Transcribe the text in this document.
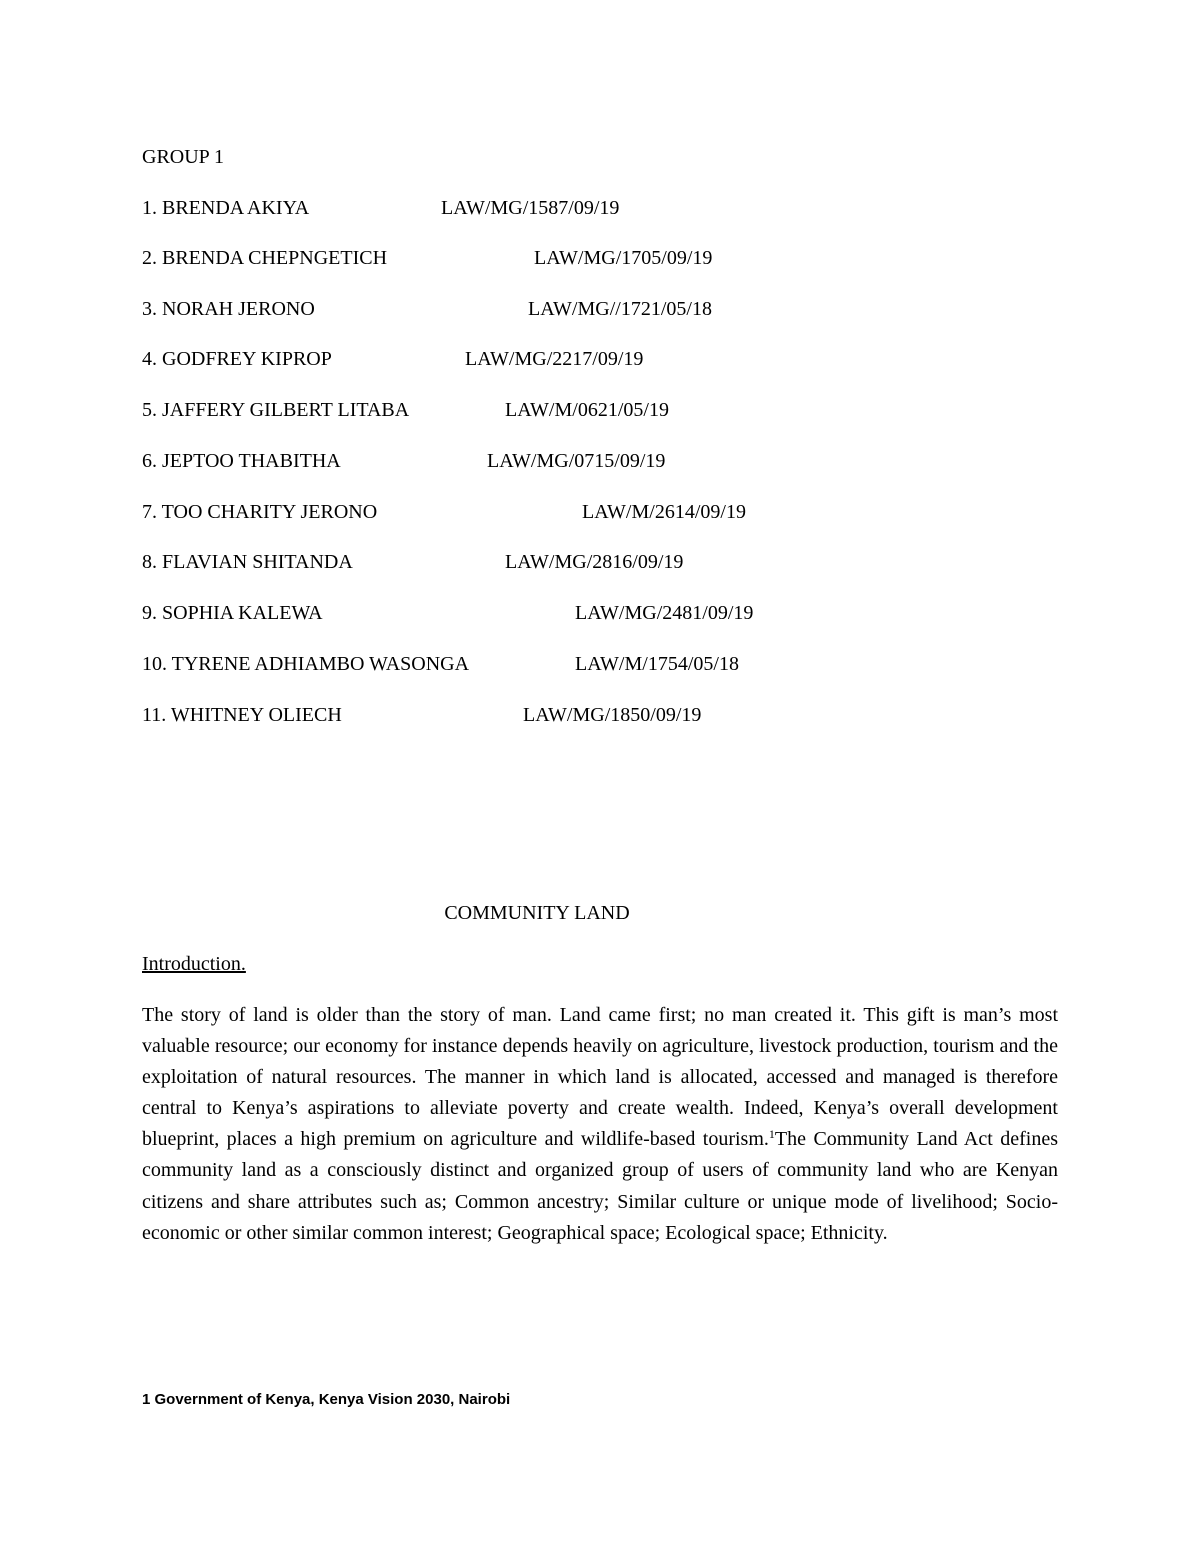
GROUP 1
1. BRENDA AKIYA	LAW/MG/1587/09/19
2. BRENDA CHEPNGETICH	LAW/MG/1705/09/19
3. NORAH JERONO	LAW/MG//1721/05/18
4. GODFREY KIPROP	LAW/MG/2217/09/19
5. JAFFERY GILBERT LITABA	LAW/M/0621/05/19
6. JEPTOO THABITHA	LAW/MG/0715/09/19
7. TOO CHARITY JERONO	LAW/M/2614/09/19
8. FLAVIAN SHITANDA	LAW/MG/2816/09/19
9. SOPHIA KALEWA	LAW/MG/2481/09/19
10. TYRENE ADHIAMBO WASONGA	LAW/M/1754/05/18
11. WHITNEY OLIECH	LAW/MG/1850/09/19
COMMUNITY LAND
Introduction.
The story of land is older than the story of man. Land came first; no man created it. This gift is man’s most valuable resource; our economy for instance depends heavily on agriculture, livestock production, tourism and the exploitation of natural resources. The manner in which land is allocated, accessed and managed is therefore central to Kenya’s aspirations to alleviate poverty and create wealth. Indeed, Kenya’s overall development blueprint, places a high premium on agriculture and wildlife-based tourism.$^1$The Community Land Act defines community land as a consciously distinct and organized group of users of community land who are Kenyan citizens and share attributes such as; Common ancestry; Similar culture or unique mode of livelihood; Socio-economic or other similar common interest; Geographical space; Ecological space; Ethnicity.
1 Government of Kenya, Kenya Vision 2030, Nairobi
